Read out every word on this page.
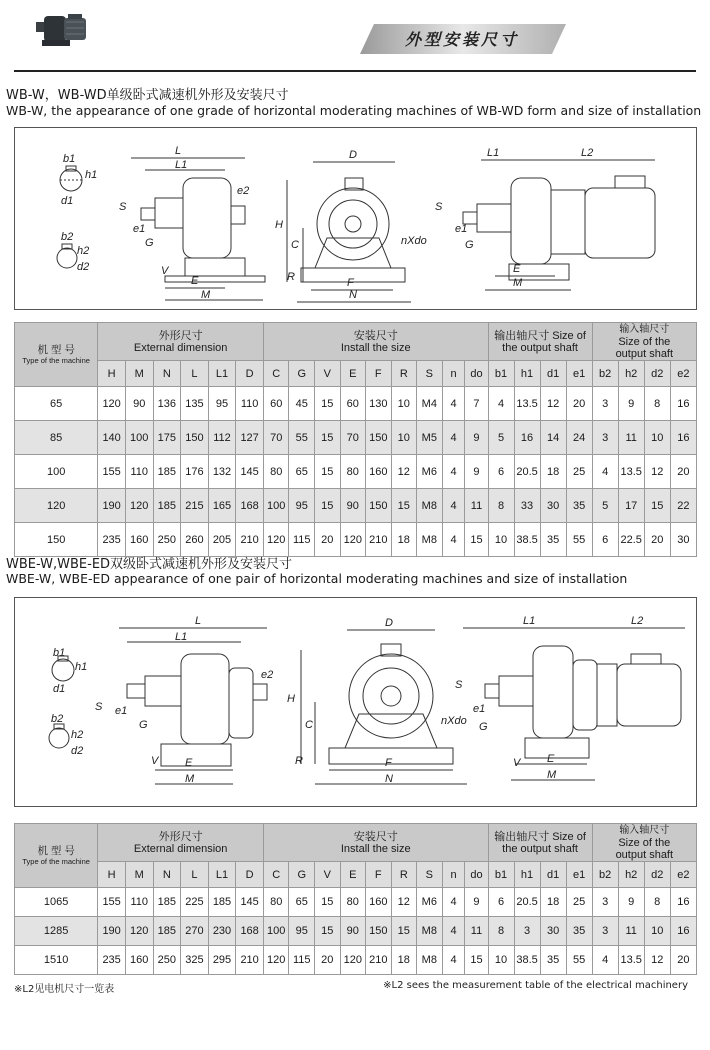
外型安装尺寸
WB-W，WB-WD单级卧式减速机外形及安装尺寸
WB-W, the appearance of one grade of horizontal moderating machines of WB-WD form and size of installation
b1
h1
d1
b2
h2
d2
L
L1
e2
S
e1
G
V
E
M
D
H
C
R	F
N
nXdo
L1	L2
S
e1
G
E
M
机 型 号
Type of the machine	外形尺寸
External dimension						安装尺寸
Install the size									输出轴尺寸 Size of
the output shaft				输入轴尺寸
Size of the
output shaft			
	H	M	N	L	L1	D	C	G	V	E	F	R	S	n	do	b1	h1	d1	e1	b2	h2	d2	e2
65	120	90	136	135	95	110	60	45	15	60	130	10	M4	4	7	4	13.5	12	20	3	9	8	16
85	140	100	175	150	112	127	70	55	15	70	150	10	M5	4	9	5	16	14	24	3	11	10	16
100	155	110	185	176	132	145	80	65	15	80	160	12	M6	4	9	6	20.5	18	25	4	13.5	12	20
120	190	120	185	215	165	168	100	95	15	90	150	15	M8	4	11	8	33	30	35	5	17	15	22
150	235	160	250	260	205	210	120	115	20	120	210	18	M8	4	15	10	38.5	35	55	6	22.5	20	30
WBE-W,WBE-ED双级卧式减速机外形及安装尺寸
WBE-W, WBE-ED appearance of one pair of horizontal moderating machines and size of installation
b1
h1
d1
b2
h2
d2
L
L1
e2
S e1
G
V E
M
D
H
C
R	F
N
nXdo
L1	L2
S
e1
G
V E
M
机 型 号
Type of the machine	外形尺寸
External dimension						安装尺寸
Install the size									输出轴尺寸 Size of
the output shaft				输入轴尺寸
Size of the
output shaft			
	H	M	N	L	L1	D	C	G	V	E	F	R	S	n	do	b1	h1	d1	e1	b2	h2	d2	e2
1065	155	110	185	225	185	145	80	65	15	80	160	12	M6	4	9	6	20.5	18	25	3	9	8	16
1285	190	120	185	270	230	168	100	95	15	90	150	15	M8	4	11	8	3	30	35	3	11	10	16
1510	235	160	250	325	295	210	120	115	20	120	210	18	M8	4	15	10	38.5	35	55	4	13.5	12	20
※L2见电机尺寸一览表	※L2 sees the measurement table of the electrical machinery
